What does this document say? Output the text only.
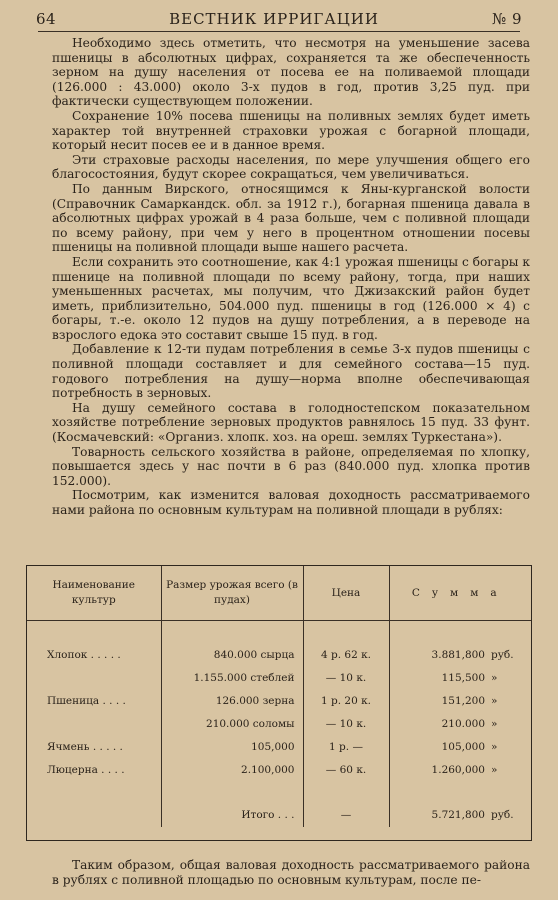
64	ВЕСТНИК ИРРИГАЦИИ	№ 9

Необходимо здесь отметить, что несмотря на уменьшение засева пшеницы в абсолютных цифрах, сохраняется та же обеспеченность зерном на душу населения от посева ее на поливаемой площади (126.000 : 43.000) около 3-х пудов в год, против 3,25 пуд. при фактически существующем положении.

Сохранение 10% посева пшеницы на поливных землях будет иметь характер той внутренней страховки урожая с богарной площади, который несит посев ее и в данное время.

Эти страховые расходы населения, по мере улучшения общего его благосостояния, будут скорее сокращаться, чем увеличиваться.

По данным Вирского, относящимся к Яны-курганской волости (Справочник Самаркандск. обл. за 1912 г.), богарная пшеница давала в абсолютных цифрах урожай в 4 раза больше, чем с поливной площади по всему району, при чем у него в процентном отношении посевы пшеницы на поливной площади выше нашего расчета.

Если сохранить это соотношение, как 4:1 урожая пшеницы с богары к пшенице на поливной площади по всему району, тогда, при наших уменьшенных расчетах, мы получим, что Джизакский район будет иметь, приблизительно, 504.000 пуд. пшеницы в год (126.000 × 4) с богары, т.-е. около 12 пудов на душу потребления, а в переводе на взрослого едока это составит свыше 15 пуд. в год.

Добавление к 12-ти пудам потребления в семье 3-х пудов пшеницы с поливной площади составляет и для семейного состава—15 пуд. годового потребления на душу—норма вполне обеспечивающая потребность в зерновых.

На душу семейного состава в голодностепском показательном хозяйстве потребление зерновых продуктов равнялось 15 пуд. 33 фунт. (Космачевский: «Организ. хлопк. хоз. на ореш. землях Туркестана»).

Товарность сельского хозяйства в районе, определяемая по хлопку, повышается здесь у нас почти в 6 раз (840.000 пуд. хлопка против 152.000).

Посмотрим, как изменится валовая доходность рассматриваемого нами района по основным культурам на поливной площади в рублях:

Наименование культур	Размер урожая всего (в пудах)	Цена	Сумма

Хлопок . . . . .	840.000 сырца	4 р. 62 к.	3.881,800 руб.
	1.155.000 стеблей	— 10 к.	115,500 »
Пшеница . . . .	126.000 зерна	1 р. 20 к.	151,200 »
	210.000 соломы	— 10 к.	210.000 »
Ячмень . . . . .	105,000	1 р. —	105,000 »
Люцерна . . . .	2.100,000	— 60 к.	1.260,000 »

	Итого . . .	—	5.721,800 руб.

Таким образом, общая валовая доходность рассматриваемого района в рублях с поливной площадью по основным культурам, после пе-
